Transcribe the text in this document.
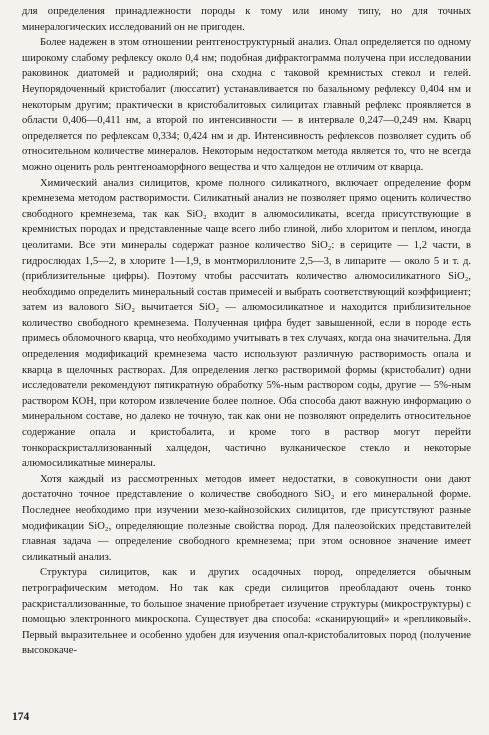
для определения принадлежности породы к тому или иному типу, но для точных минералогических исследований он не пригоден.

Более надежен в этом отношении рентгеноструктурный анализ. Опал определяется по одному широкому слабому рефлексу около 0,4 нм; подобная дифрактограмма получена при исследовании раковинок диатомей и радиолярий; она сходна с таковой кремнистых стекол и гелей. Неупорядоченный кристобалит (люссатит) устанавливается по базальному рефлексу 0,404 нм и некоторым другим; практически в кристобалитовых силицитах главный рефлекс проявляется в области 0,406—0,411 нм, а второй по интенсивности — в интервале 0,247—0,249 нм. Кварц определяется по рефлексам 0,334; 0,424 нм и др. Интенсивность рефлексов позволяет судить об относительном количестве минералов. Некоторым недостатком метода является то, что не всегда можно оценить роль рентгеноаморфного вещества и что халцедон не отличим от кварца.

Химический анализ силицитов, кроме полного силикатного, включает определение форм кремнезема методом растворимости. Силикатный анализ не позволяет прямо оценить количество свободного кремнезема, так как SiO₂ входит в алюмосиликаты, всегда присутствующие в кремнистых породах и представленные чаще всего либо глиной, либо хлоритом и пеплом, иногда цеолитами. Все эти минералы содержат разное количество SiO₂: в серицитe — 1,2 части, в гидрослюдах 1,5—2, в хлорите 1—1,9, в монтмориллоните 2,5—3, в липарите — около 5 и т. д. (приблизительные цифры). Поэтому чтобы рассчитать количество алюмосиликатного SiO₂, необходимо определить минеральный состав примесей и выбрать соответствующий коэффициент; затем из валового SiO₂ вычитается SiO₂ — алюмосиликатное и находится приблизительное количество свободного кремнезема. Полученная цифра будет завышенной, если в породе есть примесь обломочного кварца, что необходимо учитывать в тех случаях, когда она значительна. Для определения модификаций кремнезема часто используют различную растворимость опала и кварца в щелочных растворах. Для определения легко растворимой формы (кристобалит) одни исследователи рекомендуют пятикратную обработку 5%-ным раствором соды, другие — 5%-ным раствором КОН, при котором извлечение более полное. Оба способа дают важную информацию о минеральном составе, но далеко не точную, так как они не позволяют определить относительное содержание опала и кристобалита, и кроме того в раствор могут перейти тонкораскристаллизованный халцедон, частично вулканическое стекло и некоторые алюмосиликатные минералы.

Хотя каждый из рассмотренных методов имеет недостатки, в совокупности они дают достаточно точное представление о количестве свободного SiO₂ и его минеральной форме. Последнее необходимо при изучении мезо-кайнозойских силицитов, где присутствуют разные модификации SiO₂, определяющие полезные свойства пород. Для палеозойских представителей главная задача — определение свободного кремнезема; при этом основное значение имеет силикатный анализ.

Структура силицитов, как и других осадочных пород, определяется обычным петрографическим методом. Но так как среди силицитов преобладают очень тонко раскристаллизованные, то большое значение приобретает изучение структуры (микроструктуры) с помощью электронного микроскопа. Существует два способа: «сканирующий» и «репликовый». Первый выразительнее и особенно удобен для изучения опал-кристобалитовых пород (получение высококаче-

174
